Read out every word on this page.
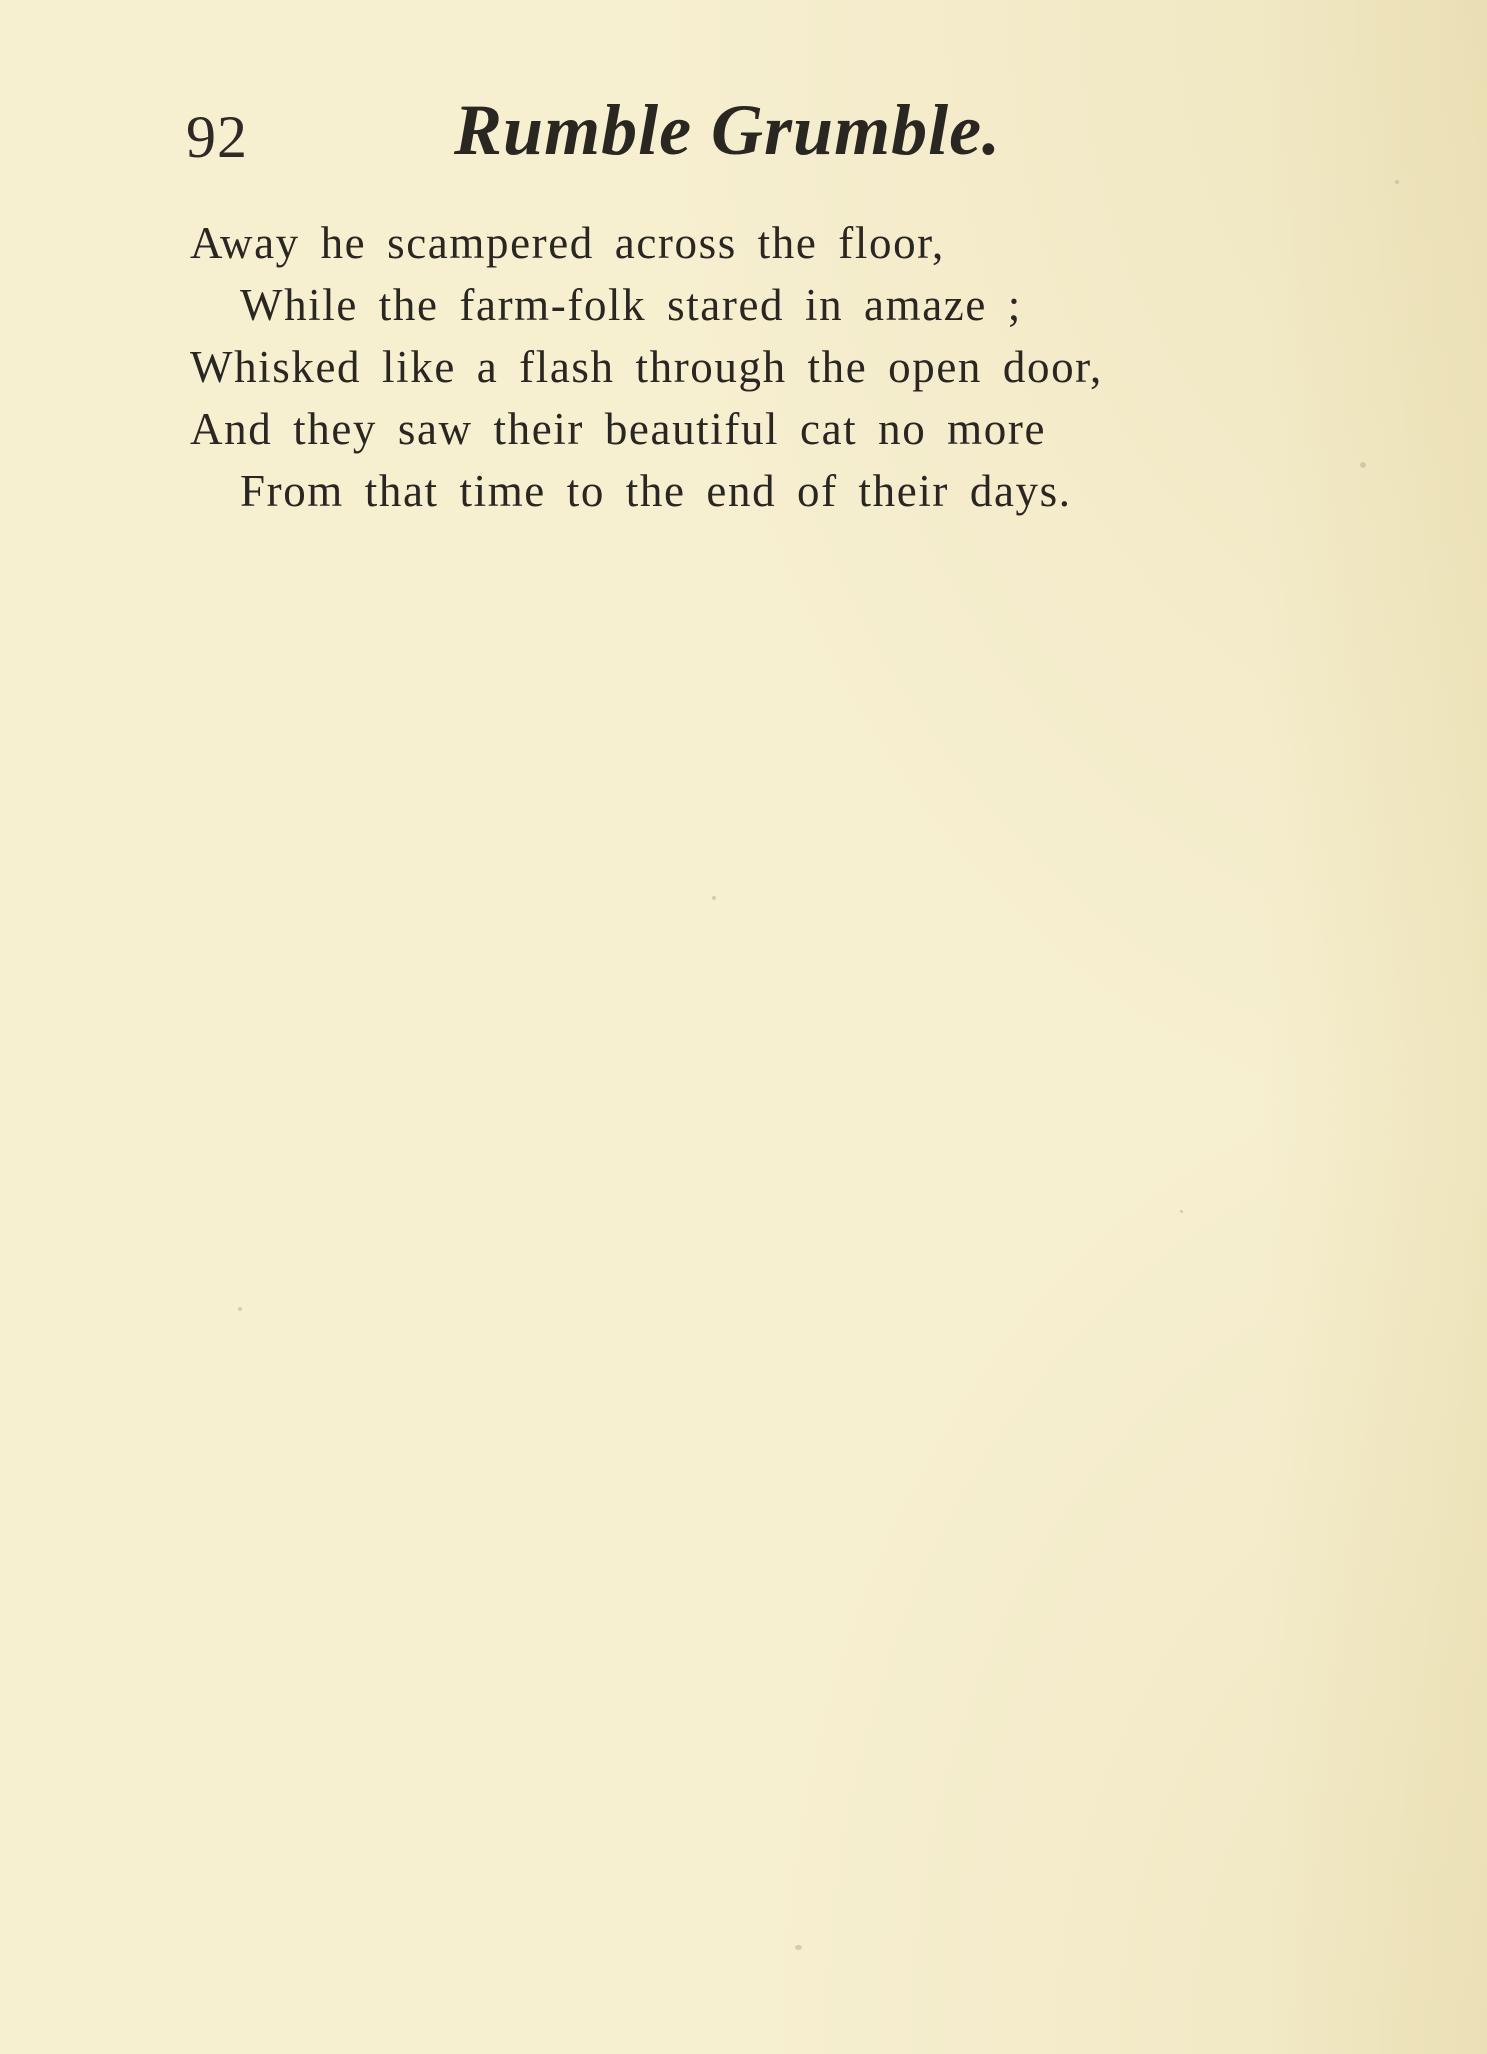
92	Rumble Grumble.
Away he scampered across the floor,
While the farm-folk stared in amaze ;
Whisked like a flash through the open door,
And they saw their beautiful cat no more
From that time to the end of their days.
